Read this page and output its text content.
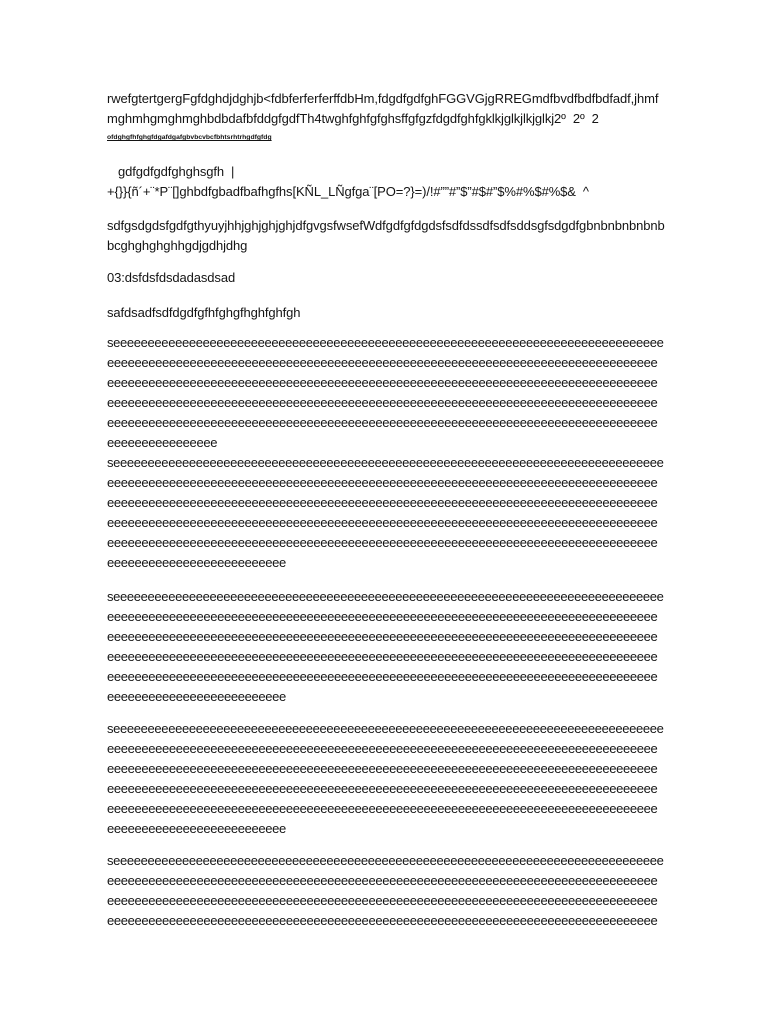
rwefgtertgergFgfdghdjdghjb<fdbferferferffdbHm,fdgdfgdfghFGGVGjgRREGmdfbvdfbdfbdfadf,jhmf
mghmhgmghmghbdbdafbfddgfgdfTh4twghfghfgfghsffgfgzfdgdfghfgklkjglkjlkjglkj2º  2º  2
ofdghgfhfghgfdgafdgafgbvbcvbcfbhtsrhtrhgdfgfdg
gdfgdfgdfghghsgfh  |
+{}}{ñ´+¨*P¨[]ghbdfgbadfbafhgfhs[KÑL_LÑgfga¨[PO=?}=)/!#””#”$”#$#”$%#%$#%$&  ^
sdfgsdgdsfgdfgthyuyjhhjghjghjghjdfgvgsfwsefWdfgdfgfdgdsfsdfdssdfsdfsddsgfsdgdfgbnbnbnbnbnb
bcghghghghhgdjgdhjdhg
03:dsfdsfdsdadasdsad
safdsadfsdfdgdfgfhfghgfhghfghfgh
seeeeeeeeeeeeeeeeeeeeeeeeeeeeeeeeeeeeeeeeeeeeeeeeeeeeeeeeeeeeeeeeeeeeeeeeeeeeeeee
eeeeeeeeeeeeeeeeeeeeeeeeeeeeeeeeeeeeeeeeeeeeeeeeeeeeeeeeeeeeeeeeeeeeeeeeeeeeeeee
eeeeeeeeeeeeeeeeeeeeeeeeeeeeeeeeeeeeeeeeeeeeeeeeeeeeeeeeeeeeeeeeeeeeeeeeeeeeeeee
eeeeeeeeeeeeeeeeeeeeeeeeeeeeeeeeeeeeeeeeeeeeeeeeeeeeeeeeeeeeeeeeeeeeeeeeeeeeeeee
eeeeeeeeeeeeeeeeeeeeeeeeeeeeeeeeeeeeeeeeeeeeeeeeeeeeeeeeeeeeeeeeeeeeeeeeeeeeeeee
eeeeeeeeeeeeeeee
seeeeeeeeeeeeeeeeeeeeeeeeeeeeeeeeeeeeeeeeeeeeeeeeeeeeeeeeeeeeeeeeeeeeeeeeeeeeeeee
eeeeeeeeeeeeeeeeeeeeeeeeeeeeeeeeeeeeeeeeeeeeeeeeeeeeeeeeeeeeeeeeeeeeeeeeeeeeeeee
eeeeeeeeeeeeeeeeeeeeeeeeeeeeeeeeeeeeeeeeeeeeeeeeeeeeeeeeeeeeeeeeeeeeeeeeeeeeeeee
eeeeeeeeeeeeeeeeeeeeeeeeeeeeeeeeeeeeeeeeeeeeeeeeeeeeeeeeeeeeeeeeeeeeeeeeeeeeeeee
eeeeeeeeeeeeeeeeeeeeeeeeeeeeeeeeeeeeeeeeeeeeeeeeeeeeeeeeeeeeeeeeeeeeeeeeeeeeeeee
eeeeeeeeeeeeeeeeeeeeeeeeee
seeeeeeeeeeeeeeeeeeeeeeeeeeeeeeeeeeeeeeeeeeeeeeeeeeeeeeeeeeeeeeeeeeeeeeeeeeeeeeee
eeeeeeeeeeeeeeeeeeeeeeeeeeeeeeeeeeeeeeeeeeeeeeeeeeeeeeeeeeeeeeeeeeeeeeeeeeeeeeee
eeeeeeeeeeeeeeeeeeeeeeeeeeeeeeeeeeeeeeeeeeeeeeeeeeeeeeeeeeeeeeeeeeeeeeeeeeeeeeee
eeeeeeeeeeeeeeeeeeeeeeeeeeeeeeeeeeeeeeeeeeeeeeeeeeeeeeeeeeeeeeeeeeeeeeeeeeeeeeee
eeeeeeeeeeeeeeeeeeeeeeeeeeeeeeeeeeeeeeeeeeeeeeeeeeeeeeeeeeeeeeeeeeeeeeeeeeeeeeee
eeeeeeeeeeeeeeeeeeeeeeeeee
seeeeeeeeeeeeeeeeeeeeeeeeeeeeeeeeeeeeeeeeeeeeeeeeeeeeeeeeeeeeeeeeeeeeeeeeeeeeeeee
eeeeeeeeeeeeeeeeeeeeeeeeeeeeeeeeeeeeeeeeeeeeeeeeeeeeeeeeeeeeeeeeeeeeeeeeeeeeeeee
eeeeeeeeeeeeeeeeeeeeeeeeeeeeeeeeeeeeeeeeeeeeeeeeeeeeeeeeeeeeeeeeeeeeeeeeeeeeeeee
eeeeeeeeeeeeeeeeeeeeeeeeeeeeeeeeeeeeeeeeeeeeeeeeeeeeeeeeeeeeeeeeeeeeeeeeeeeeeeee
eeeeeeeeeeeeeeeeeeeeeeeeeeeeeeeeeeeeeeeeeeeeeeeeeeeeeeeeeeeeeeeeeeeeeeeeeeeeeeee
eeeeeeeeeeeeeeeeeeeeeeeeee
seeeeeeeeeeeeeeeeeeeeeeeeeeeeeeeeeeeeeeeeeeeeeeeeeeeeeeeeeeeeeeeeeeeeeeeeeeeeeeee
eeeeeeeeeeeeeeeeeeeeeeeeeeeeeeeeeeeeeeeeeeeeeeeeeeeeeeeeeeeeeeeeeeeeeeeeeeeeeeee
eeeeeeeeeeeeeeeeeeeeeeeeeeeeeeeeeeeeeeeeeeeeeeeeeeeeeeeeeeeeeeeeeeeeeeeeeeeeeeee
eeeeeeeeeeeeeeeeeeeeeeeeeeeeeeeeeeeeeeeeeeeeeeeeeeeeeeeeeeeeeeeeeeeeeeeeeeeeeeee
